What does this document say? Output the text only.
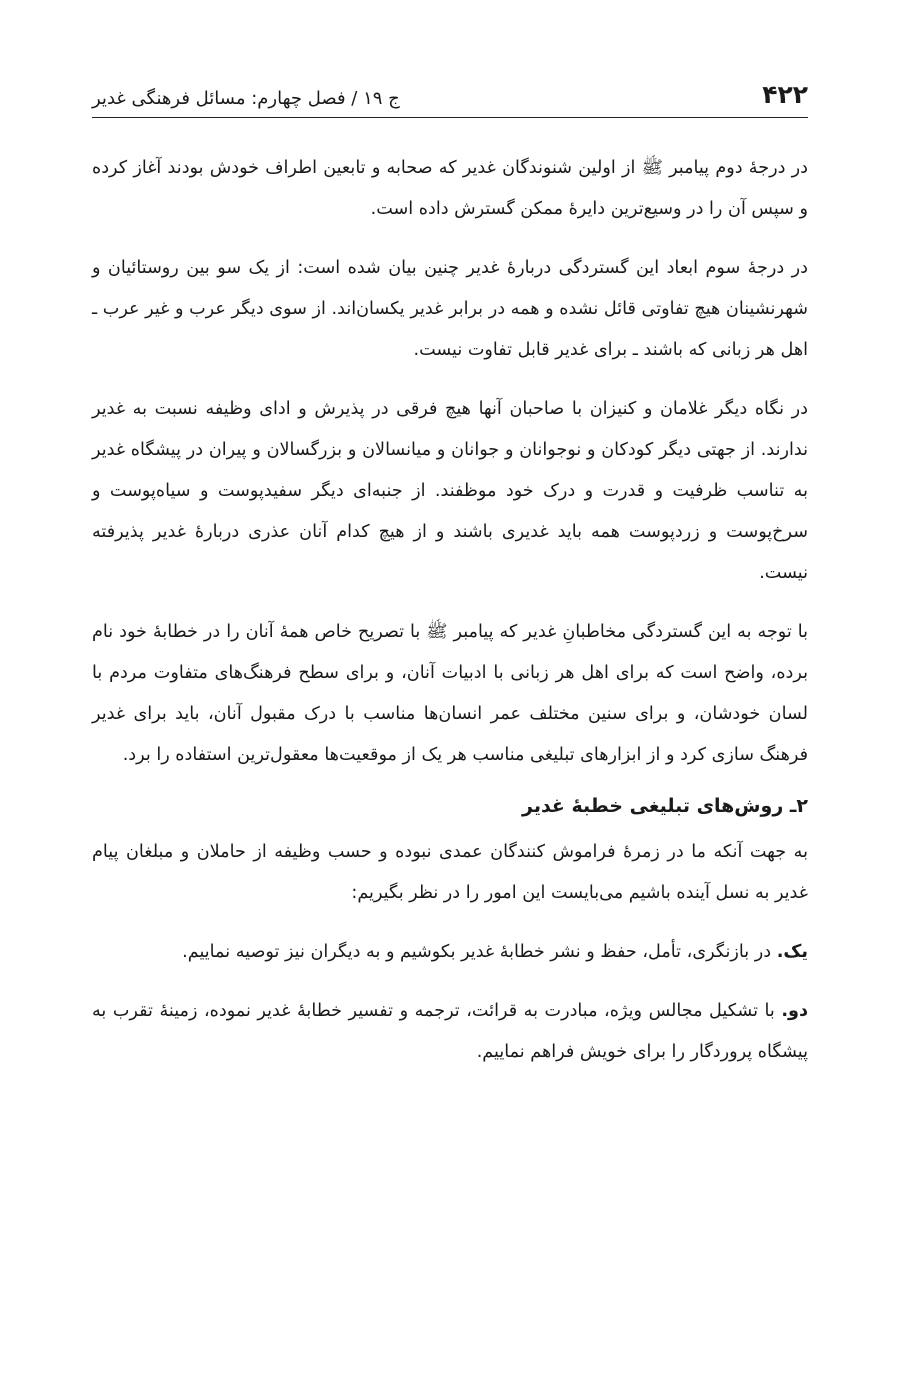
۴۲۲
ج ۱۹ / فصل چهارم: مسائل فرهنگی غدیر

در درجهٔ دوم پیامبر ﷺ از اولین شنوندگان غدیر که صحابه و تابعین اطراف خودش بودند آغاز کرده و سپس آن را در وسیع‌ترین دایرهٔ ممکن گسترش داده است.

در درجهٔ سوم ابعاد این گستردگی دربارهٔ غدیر چنین بیان شده است: از یک سو بین روستائیان و شهرنشینان هیچ تفاوتی قائل نشده و همه در برابر غدیر یکسان‌اند. از سوی دیگر عرب و غیر عرب ـ اهل هر زبانی که باشند ـ برای غدیر قابل تفاوت نیست.

در نگاه دیگر غلامان و کنیزان با صاحبان آنها هیچ فرقی در پذیرش و ادای وظیفه نسبت به غدیر ندارند. از جهتی دیگر کودکان و نوجوانان و جوانان و میانسالان و بزرگسالان و پیران در پیشگاه غدیر به تناسب ظرفیت و قدرت و درک خود موظفند. از جنبه‌ای دیگر سفیدپوست و سیاه‌پوست و سرخ‌پوست و زردپوست همه باید غدیری باشند و از هیچ کدام آنان عذری دربارهٔ غدیر پذیرفته نیست.

با توجه به این گستردگی مخاطبانِ غدیر که پیامبر ﷺ با تصریح خاص همهٔ آنان را در خطابهٔ خود نام برده، واضح است که برای اهل هر زبانی با ادبیات آنان، و برای سطح فرهنگ‌های متفاوت مردم با لسان خودشان، و برای سنین مختلف عمر انسان‌ها مناسب با درک مقبول آنان، باید برای غدیر فرهنگ سازی کرد و از ابزارهای تبلیغی مناسب هر یک از موقعیت‌ها معقول‌ترین استفاده را برد.

۲ـ روش‌های تبلیغی خطبهٔ غدیر

به جهت آنکه ما در زمرهٔ فراموش کنندگان عمدی نبوده و حسب وظیفه از حاملان و مبلغان پیام غدیر به نسل آینده باشیم می‌بایست این امور را در نظر بگیریم:

یک. در بازنگری، تأمل، حفظ و نشر خطابهٔ غدیر بکوشیم و به دیگران نیز توصیه نماییم.

دو. با تشکیل مجالس ویژه، مبادرت به قرائت، ترجمه و تفسیر خطابهٔ غدیر نموده، زمینهٔ تقرب به پیشگاه پروردگار را برای خویش فراهم نماییم.
